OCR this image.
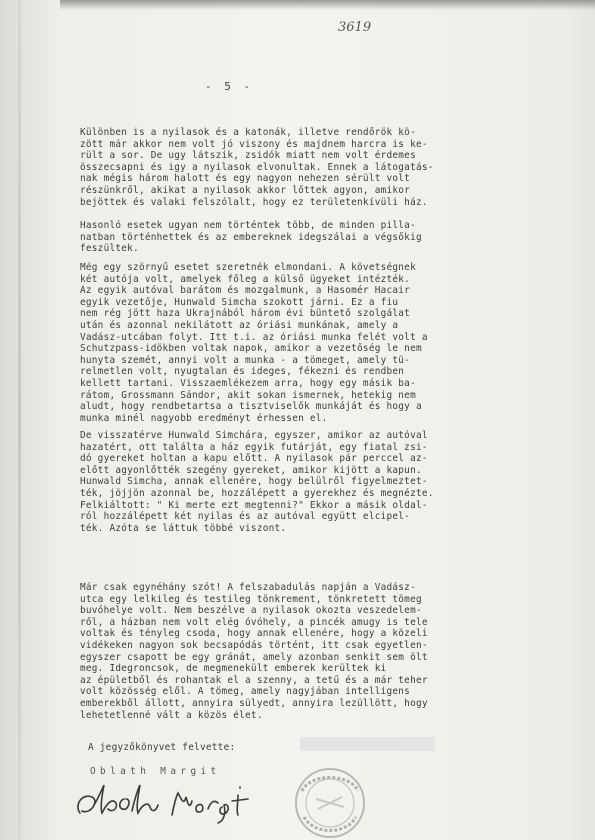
3619
- 5 -
Különben is a nyilasok és a katonák, illetve rendőrök kö-
zött már akkor nem volt jó viszony és majdnem harcra is ke-
rült a sor. De ugy látszik, zsidók miatt nem volt érdemes
összecsapni és igy a nyilasok elvonultak. Ennek a látogatás-
nak mégis három halott és egy nagyon nehezen sérült volt
részünkről, akikat a nyilasok akkor lőttek agyon, amikor
bejöttek és valaki felszólalt, hogy ez területenkívüli ház.
Hasonló esetek ugyan nem történtek több, de minden pilla-
natban történhettek és az embereknek idegszálai a végsőkig
feszültek.
Még egy szörnyű esetet szeretnék elmondani. A követségnek
két autója volt, amelyek főleg a külső ügyeket intézték.
Az egyik autóval barátom és mozgalmunk, a Hasomér Hacair
egyik vezetője, Hunwald Simcha szokott járni. Ez a fiu
nem rég jött haza Ukrajnából három évi büntető szolgálat
után és azonnal nekilátott az óriási munkának, amely a
Vadász-utcában folyt. Itt t.i. az óriási munka felét volt a
Schutzpass-idökben voltak napok, amikor a vezetőség le nem
hunyta szemét, annyi volt a munka - a tömeget, amely tü-
relmetlen volt, nyugtalan és ideges, fékezni és rendben
kellett tartani. Visszaemlékezem arra, hogy egy másik ba-
rátom, Grossmann Sándor, akit sokan ismernek, hetekig nem
aludt, hogy rendbetartsa a tisztviselők munkáját és hogy a
munka minél nagyobb eredményt érhessen el.
De visszatérve Hunwald Simchára, egyszer, amikor az autóval
hazatért, ott találta a ház egyik futárját, egy fiatal zsi-
dó gyereket holtan a kapu előtt. A nyilasok pár perccel az-
előtt agyonlőtték szegény gyereket, amikor kijött a kapun.
Hunwald Simcha, annak ellenére, hogy belülről figyelmeztet-
ték, jöjjön azonnal be, hozzálépett a gyerekhez és megnézte.
Felkiáltott: " Ki merte ezt megtenni?" Ekkor a másik oldal-
ról hozzálépett két nyilas és az autóval együtt elcipel-
ték. Azóta se láttuk többé viszont.
Már csak egynéhány szót! A felszabadulás napján a Vadász-
utca egy lelkileg és testileg tönkrement, tönkretett tömeg
buvóhelye volt. Nem beszélve a nyilasok okozta veszedelem-
ről, a házban nem volt elég óvóhely, a pincék amugy is tele
voltak és tényleg csoda, hogy annak ellenére, hogy a közeli
vidékeken nagyon sok becsapódás történt, itt csak egyetlen-
egyszer csapott be egy gránát, amely azonban senkit sem ölt
meg. Idegroncsok, de megmenekült emberek kerültek ki
az épületből és rohantak el a szenny, a tetű és a már teher
volt közösség elől. A tömeg, amely nagyjában intelligens
emberekből állott, annyira sülyedt, annyira lezüllött, hogy
lehetetlenné vált a közös élet.
A jegyzőkönyvet felvette:
Oblath Margit
